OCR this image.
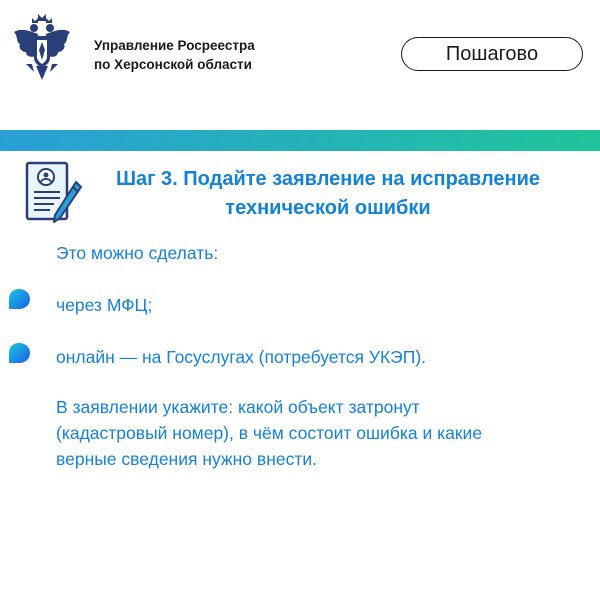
Управление Росреестра
по Херсонской области	Пошагово
Шаг 3. Подайте заявление на исправление
технической ошибки
Это можно сделать:
через МФЦ;
онлайн — на Госуслугах (потребуется УКЭП).
В заявлении укажите: какой объект затронут
(кадастровый номер), в чём состоит ошибка и какие
верные сведения нужно внести.
